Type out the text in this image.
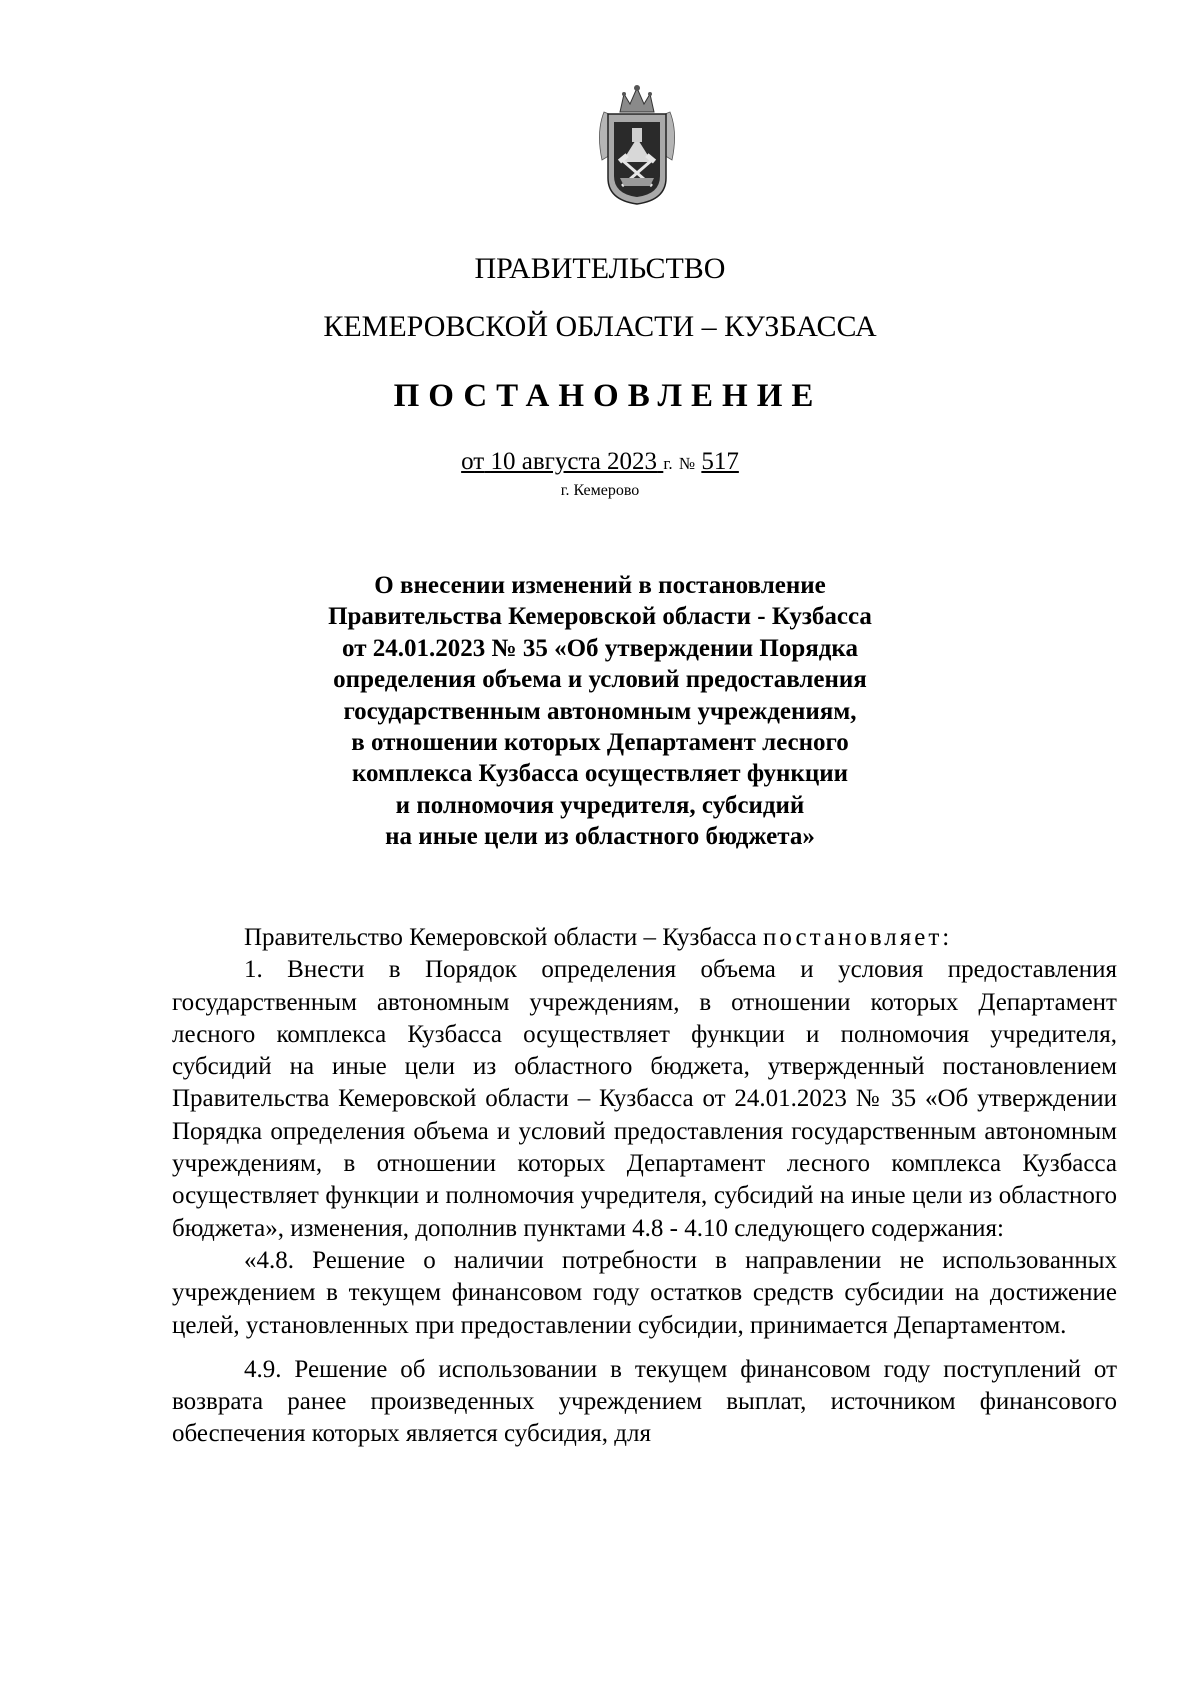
ПРАВИТЕЛЬСТВО
КЕМЕРОВСКОЙ ОБЛАСТИ – КУЗБАССА
ПОСТАНОВЛЕНИЕ
от 10 августа 2023 г. № 517
г. Кемерово
О внесении изменений в постановление
Правительства Кемеровской области - Кузбасса
от 24.01.2023 № 35 «Об утверждении Порядка
определения объема и условий предоставления
государственным автономным учреждениям,
в отношении которых Департамент лесного
комплекса Кузбасса осуществляет функции
и полномочия учредителя, субсидий
на иные цели из областного бюджета»

Правительство Кемеровской области – Кузбасса постановляет:

1. Внести в Порядок определения объема и условия предоставления государственным автономным учреждениям, в отношении которых Департамент лесного комплекса Кузбасса осуществляет функции и полномочия учредителя, субсидий на иные цели из областного бюджета, утвержденный постановлением Правительства Кемеровской области – Кузбасса от 24.01.2023 № 35 «Об утверждении Порядка определения объема и условий предоставления государственным автономным учреждениям, в отношении которых Департамент лесного комплекса Кузбасса осуществляет функции и полномочия учредителя, субсидий на иные цели из областного бюджета», изменения, дополнив пунктами 4.8 - 4.10 следующего содержания:

«4.8. Решение о наличии потребности в направлении не использованных учреждением в текущем финансовом году остатков средств субсидии на достижение целей, установленных при предоставлении субсидии, принимается Департаментом.

4.9. Решение об использовании в текущем финансовом году поступлений от возврата ранее произведенных учреждением выплат, источником финансового обеспечения которых является субсидия, для
